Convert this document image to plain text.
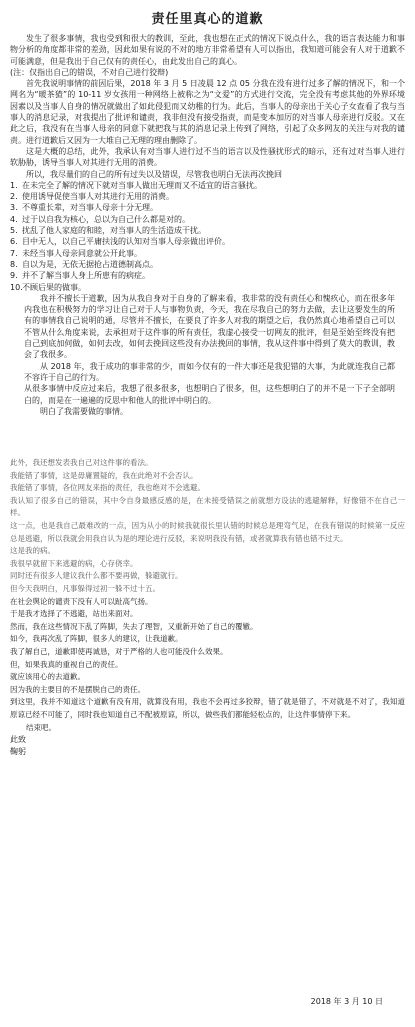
责任里真心的道歉

发生了很多事情，我也受到和很大的教训，至此，我也想在正式的情况下说点什么，我的语言表达能力和事物分析的角度都非常的差劲，因此如果有说的不对的地方非常希望有人可以指出，我知道可能会有人对于道歉不可能满意，但是我出于自己仅有的责任心，由此发出自己的真心。

(注：仅指出自己的错误，不对自己进行狡辩)

首先我说明事情的前因后果，2018 年 3 月 5 日凌晨 12 点 05 分我在没有进行过多了解的情况下，和一个网名为“暖茶猹”的 10-11 岁女孩用一种网络上被称之为“文爱”的方式进行交流，完全没有考虑其他的外界环境因素以及当事人自身的情况就做出了如此侵犯而又幼稚的行为。此后，当事人的母亲出于关心子女查看了我与当事人的消息记录，对我提出了批评和谴责，我非但没有接受指责，而是变本加厉的对当事人母亲进行反驳。又在此之后，我没有在当事人母亲的同意下就把我与其的消息记录上传到了网络，引起了众多网友的关注与对我的谴责。进行道歉后又因为一大堆自己无理的理由删除了。

这是大概的总结，此外，我承认有对当事人进行过不当的语言以及性骚扰形式的暗示，还有过对当事人进行软胁胁，诱导当事人对其进行无用的消费。

所以，我尽量们的自己的所有过失以及错误，尽管我也明白无法再次挽回

1. 在未完全了解的情况下就对当事人做出无理而又不适宜的语言骚扰。
2. 使用诱导促使当事人对其进行无用的消费。
3. 不尊重长辈，对当事人母亲十分无理。
4. 过于以自我为核心，总以为自己什么都是对的。
5. 扰乱了他人家庭的和睦，对当事人的生活造成干扰。
6. 目中无人，以自己平庸扶浅的认知对当事人母亲做出评价。
7. 未经当事人母亲同意就公开此事。
8. 自以为是，无依无据抢占道德制高点。
9. 并不了解当事人身上所患有的病症。
10. 不顾后果的做事。

我并不擅长于道歉，因为从我自身对于自身的了解来看，我非常的没有责任心和愧疚心，而在很多年内我也在积极努力的学习让自己对于人与事物负责，今天，我在尽我自己的努力去做，去让这要发生的所有的事情我自己说明的通，尽管并不擅长，在要良了许多人对我的期望之后，我仍然真心地希望自己可以不管从什么角度来说，去承担对于这件事的所有责任，我虚心接受一切网友的批评，但是至始至终没有把自己到底加何做，如何去改，如何去挽回这些没有办法挽回的事情，我从这件事中得到了莫大的教训，教会了我很多。

从 2018 年，我于成功的事非常的少，而如今仅有的一件大事还是我犯错的大事，为此就连我自己都不容许于自己的行为。

从很多事情中反应过来后，我想了很多很多，也想明白了很多，但，这些想明白了的并不是一下子全部明白的，而是在一遍遍的反思中和他人的批评中明白的。

明白了我需要做的事情。

此外，我还想发表我自己对这件事的看法。

我能错了事情，这是毋庸置疑的，我在此绝对不会否认。

我能错了事情，各位网友来指的责任，我也绝对不会逃避。

我认知了很多自己的错误，其中令自身最感反感的是，在未接受错误之前就想方设法的逃避解释，好像错不在自己一样。

这一点，也是我自己最难改的一点，因为从小的时候我就很长里认错的时候总是理弯气足，在我有错误的时候第一反应总是逃避，所以我就会用我自认为是的理论进行反驳，来说明我没有错，或者就算我有错也错不过天。

这是我的病。

我很早就留下来逃避的病，心存侥幸。

同时还有很多人建议我什么都不要再做，躲避就行。

但今天我明白，凡事躲得过初一躲不过十五。

在社会舆论的谴责下没有人可以趾高气扬。

于是我才选择了不逃避，站出来面对。

然而，我在这些情况下乱了阵脚，失去了理智，又重新开始了自己的覆辙。

如今，我再次乱了阵脚，很多人的建议，让我道歉。

我了解自己，道歉即使再诚恳，对于严格的人也可能没什么效果。

但，如果我真的重视自己的责任。

就应该用心的去道歉。

因为我的主要目的不是摆脱自己的责任。

到这里，我并不知道这个道歉有没有用，就算没有用，我也不会再过多狡辩，错了就是错了，不对就是不对了，我知道原谅已经不可能了，同时我也知道自己不配被原谅，所以，做些我们都能轻松点的，让这件事情停下来。

结束吧。

此致

鞠躬

2018 年 3 月 10 日
